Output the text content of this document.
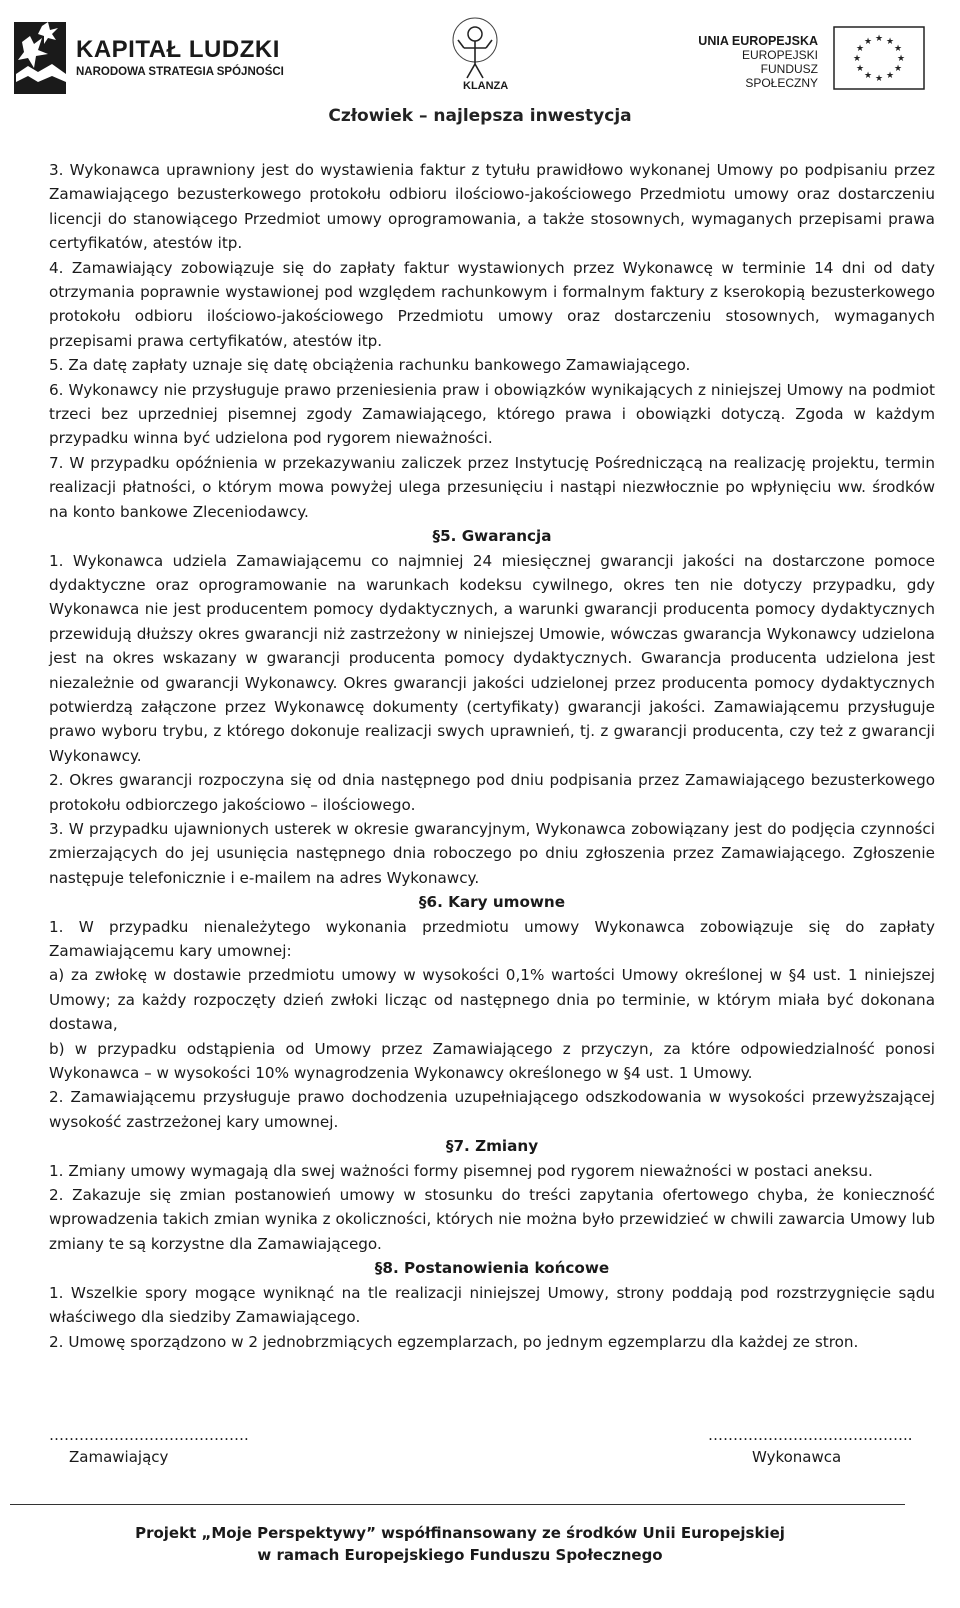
KAPITAŁ LUDZKI
NARODOWA STRATEGIA SPÓJNOŚCI
KLANZA
UNIA EUROPEJSKA
EUROPEJSKI
FUNDUSZ SPOŁECZNY
★ ★
★
★
★
★
★
★
★
★
★
★
Człowiek – najlepsza inwestycja

3. Wykonawca uprawniony jest do wystawienia faktur z tytułu prawidłowo wykonanej Umowy po podpisaniu przez Zamawiającego bezusterkowego protokołu odbioru ilościowo-jakościowego Przedmiotu umowy oraz dostarczeniu licencji do stanowiącego Przedmiot umowy oprogramowania, a także stosownych, wymaganych przepisami prawa certyfikatów, atestów itp.

4. Zamawiający zobowiązuje się do zapłaty faktur wystawionych przez Wykonawcę w terminie 14 dni od daty otrzymania poprawnie wystawionej pod względem rachunkowym i formalnym faktury z kserokopią bezusterkowego protokołu odbioru ilościowo-jakościowego Przedmiotu umowy oraz dostarczeniu stosownych, wymaganych przepisami prawa certyfikatów, atestów itp.

5. Za datę zapłaty uznaje się datę obciążenia rachunku bankowego Zamawiającego.

6. Wykonawcy nie przysługuje prawo przeniesienia praw i obowiązków wynikających z niniejszej Umowy na podmiot trzeci bez uprzedniej pisemnej zgody Zamawiającego, którego prawa i obowiązki dotyczą. Zgoda w każdym przypadku winna być udzielona pod rygorem nieważności.

7. W przypadku opóźnienia w przekazywaniu zaliczek przez Instytucję Pośredniczącą na realizację projektu, termin realizacji płatności, o którym mowa powyżej ulega przesunięciu i nastąpi niezwłocznie po wpłynięciu ww. środków na konto bankowe Zleceniodawcy.

§5. Gwarancja

1. Wykonawca udziela Zamawiającemu co najmniej 24 miesięcznej gwarancji jakości na dostarczone pomoce dydaktyczne oraz oprogramowanie na warunkach kodeksu cywilnego, okres ten nie dotyczy przypadku, gdy Wykonawca nie jest producentem pomocy dydaktycznych, a warunki gwarancji producenta pomocy dydaktycznych przewidują dłuższy okres gwarancji niż zastrzeżony w niniejszej Umowie, wówczas gwarancja Wykonawcy udzielona jest na okres wskazany w gwarancji producenta pomocy dydaktycznych. Gwarancja producenta udzielona jest niezależnie od gwarancji Wykonawcy. Okres gwarancji jakości udzielonej przez producenta pomocy dydaktycznych potwierdzą załączone przez Wykonawcę dokumenty (certyfikaty) gwarancji jakości. Zamawiającemu przysługuje prawo wyboru trybu, z którego dokonuje realizacji swych uprawnień, tj. z gwarancji producenta, czy też z gwarancji Wykonawcy.

2. Okres gwarancji rozpoczyna się od dnia następnego pod dniu podpisania przez Zamawiającego bezusterkowego protokołu odbiorczego jakościowo – ilościowego.

3. W przypadku ujawnionych usterek w okresie gwarancyjnym, Wykonawca zobowiązany jest do podjęcia czynności zmierzających do jej usunięcia następnego dnia roboczego po dniu zgłoszenia przez Zamawiającego. Zgłoszenie następuje telefonicznie i e-mailem na adres Wykonawcy.

§6. Kary umowne

1. W przypadku nienależytego wykonania przedmiotu umowy Wykonawca zobowiązuje się do zapłaty Zamawiającemu kary umownej:

a) za zwłokę w dostawie przedmiotu umowy w wysokości 0,1% wartości Umowy określonej w §4 ust. 1 niniejszej Umowy; za każdy rozpoczęty dzień zwłoki licząc od następnego dnia po terminie, w którym miała być dokonana dostawa,

b) w przypadku odstąpienia od Umowy przez Zamawiającego z przyczyn, za które odpowiedzialność ponosi Wykonawca – w wysokości 10% wynagrodzenia Wykonawcy określonego w §4 ust. 1 Umowy.

2. Zamawiającemu przysługuje prawo dochodzenia uzupełniającego odszkodowania w wysokości przewyższającej wysokość zastrzeżonej kary umownej.

§7. Zmiany

1. Zmiany umowy wymagają dla swej ważności formy pisemnej pod rygorem nieważności w postaci aneksu.

2. Zakazuje się zmian postanowień umowy w stosunku do treści zapytania ofertowego chyba, że konieczność wprowadzenia takich zmian wynika z okoliczności, których nie można było przewidzieć w chwili zawarcia Umowy lub zmiany te są korzystne dla Zamawiającego.

§8. Postanowienia końcowe

1. Wszelkie spory mogące wyniknąć na tle realizacji niniejszej Umowy, strony poddają pod rozstrzygnięcie sądu właściwego dla siedziby Zamawiającego.

2. Umowę sporządzono w 2 jednobrzmiących egzemplarzach, po jednym egzemplarzu dla każdej ze stron.

………………………………….
Zamawiający
…………………………………..
Wykonawca
Projekt „Moje Perspektywy” współfinansowany ze środków Unii Europejskiej
w ramach Europejskiego Funduszu Społecznego
